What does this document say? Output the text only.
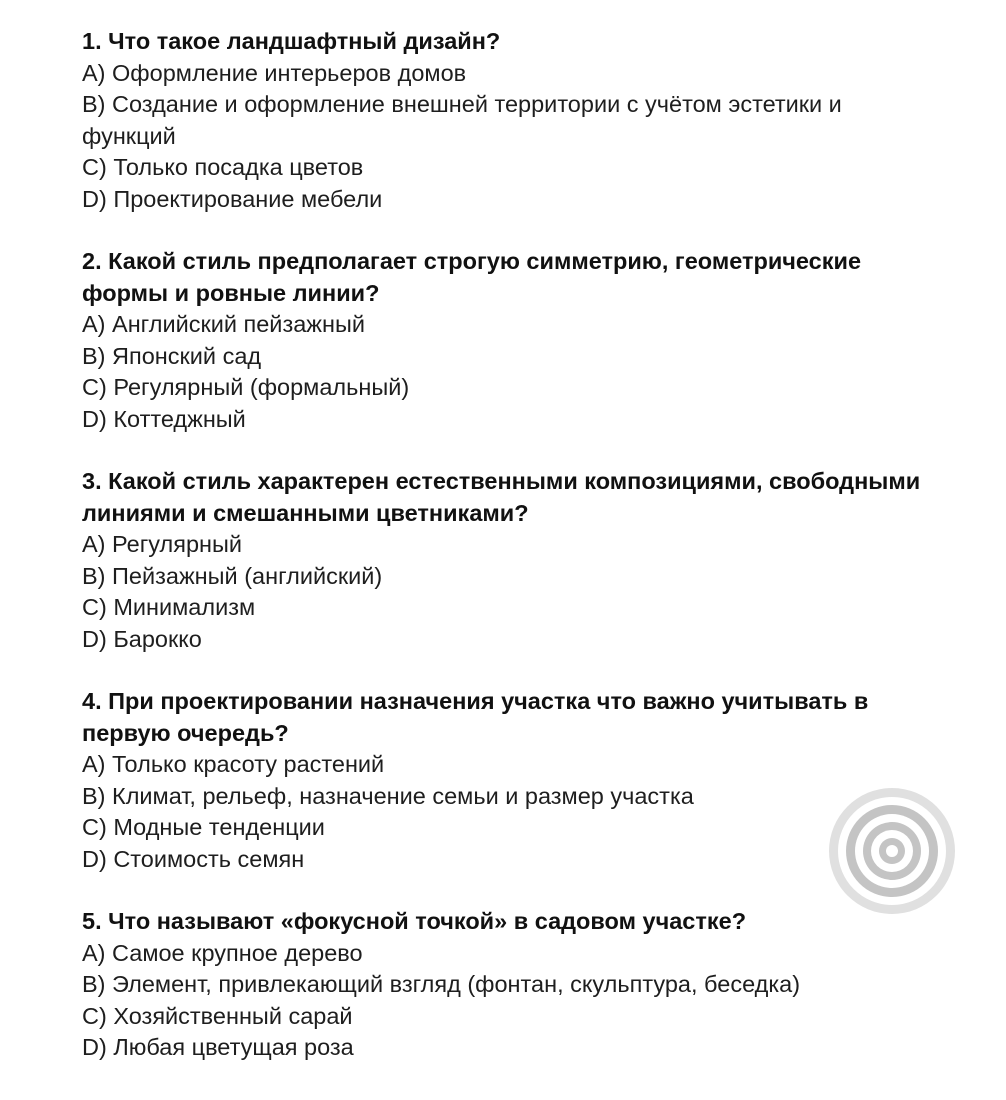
1. Что такое ландшафтный дизайн?

A) Оформление интерьеров домов

B) Создание и оформление внешней территории с учётом эстетики и функций

C) Только посадка цветов

D) Проектирование мебели

2. Какой стиль предполагает строгую симметрию, геометрические формы и ровные линии?

A) Английский пейзажный

B) Японский сад

C) Регулярный (формальный)

D) Коттеджный

3. Какой стиль характерен естественными композициями, свободными линиями и смешанными цветниками?

A) Регулярный

B) Пейзажный (английский)

C) Минимализм

D) Барокко

4. При проектировании назначения участка что важно учитывать в первую очередь?

A) Только красоту растений

B) Климат, рельеф, назначение семьи и размер участка

C) Модные тенденции

D) Стоимость семян

5. Что называют «фокусной точкой» в садовом участке?

A) Самое крупное дерево

B) Элемент, привлекающий взгляд (фонтан, скульптура, беседка)

C) Хозяйственный сарай

D) Любая цветущая роза
